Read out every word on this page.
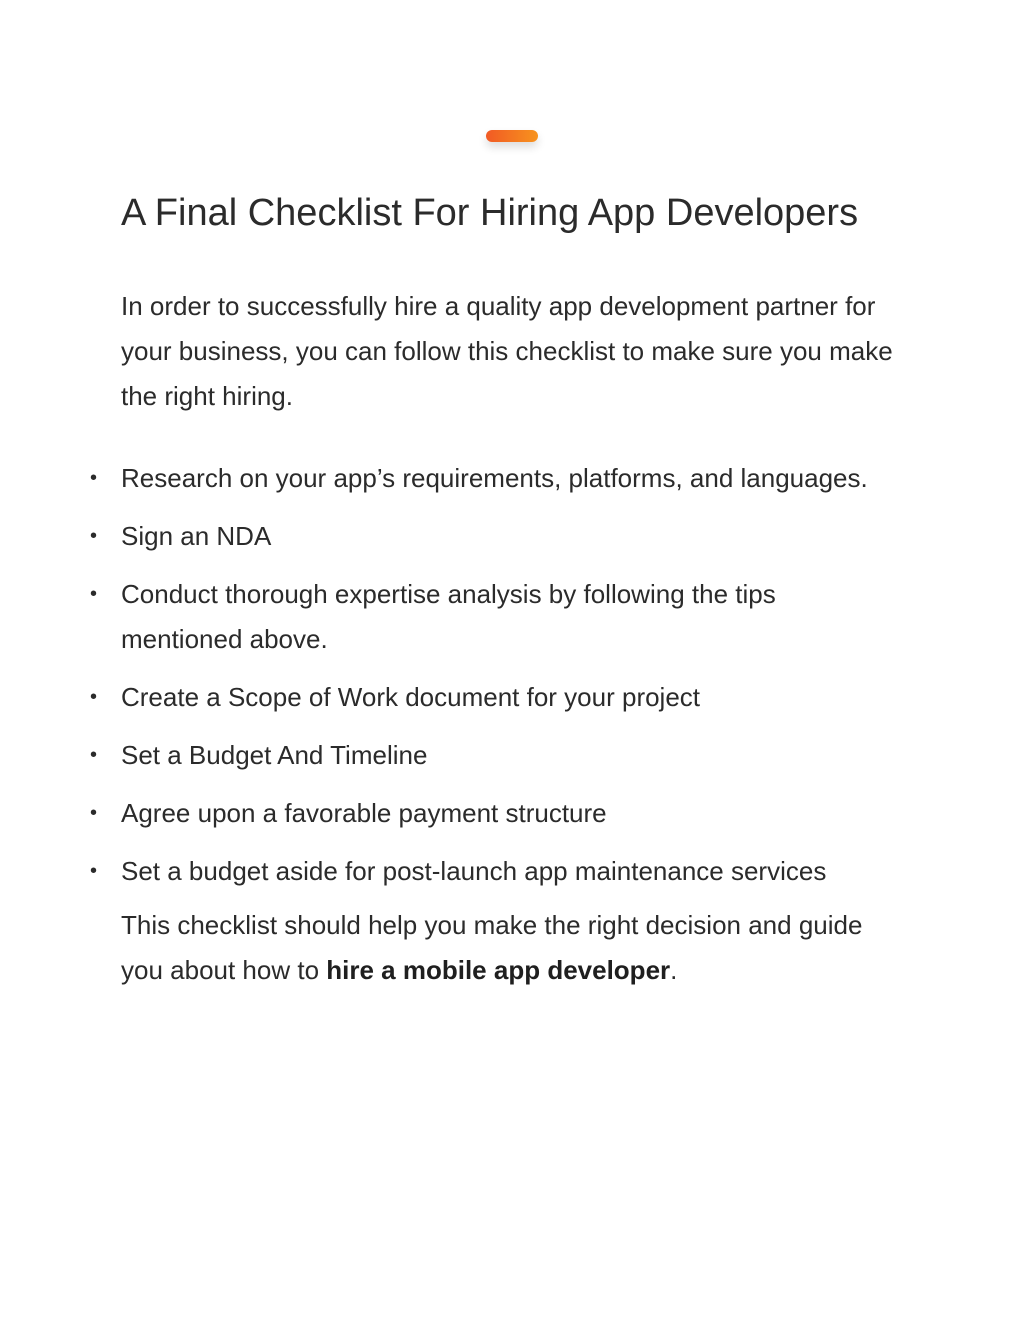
A Final Checklist For Hiring App Developers

In order to successfully hire a quality app development partner for your business, you can follow this checklist to make sure you make the right hiring.

• Research on your app’s requirements, platforms, and languages.
• Sign an NDA
• Conduct thorough expertise analysis by following the tips mentioned above.
• Create a Scope of Work document for your project
• Set a Budget And Timeline
• Agree upon a favorable payment structure
• Set a budget aside for post-launch app maintenance services

This checklist should help you make the right decision and guide you about how to hire a mobile app developer.
